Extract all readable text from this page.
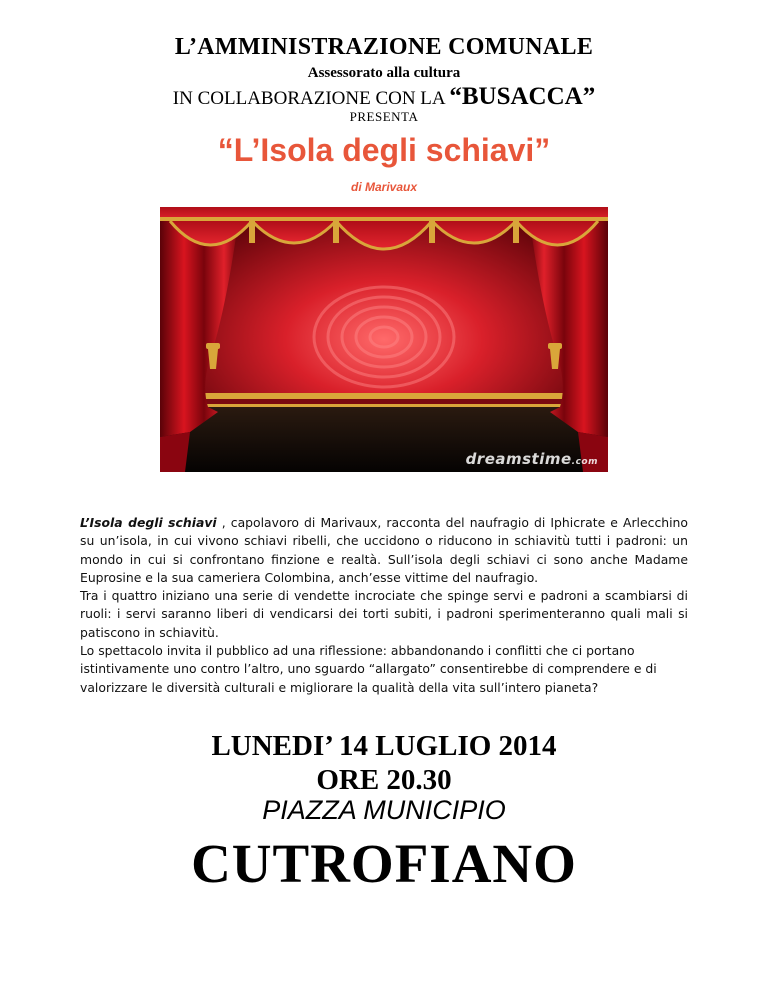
L’AMMINISTRAZIONE COMUNALE
Assessorato alla cultura
IN COLLABORAZIONE CON LA “BUSACCA”
PRESENTA
“L’Isola degli schiavi”
di Marivaux
dreamstime.com

L’Isola degli schiavi , capolavoro di Marivaux, racconta del naufragio di Iphicrate e Arlecchino su un’isola, in cui vivono schiavi ribelli, che uccidono o riducono in schiavitù tutti i padroni: un mondo in cui si confrontano finzione e realtà. Sull’isola degli schiavi ci sono anche Madame Euprosine e la sua cameriera Colombina, anch’esse vittime del naufragio.

Tra i quattro iniziano una serie di vendette incrociate che spinge servi e padroni a scambiarsi di ruoli: i servi saranno liberi di vendicarsi dei torti subiti, i padroni sperimenteranno quali mali si patiscono in schiavitù.

Lo spettacolo invita il pubblico ad una riflessione: abbandonando i conflitti che ci portano istintivamente uno contro l’altro, uno sguardo “allargato” consentirebbe di comprendere e di valorizzare le diversità culturali e migliorare la qualità della vita sull’intero pianeta?

LUNEDI’ 14 LUGLIO 2014
ORE 20.30
PIAZZA MUNICIPIO
CUTROFIANO
